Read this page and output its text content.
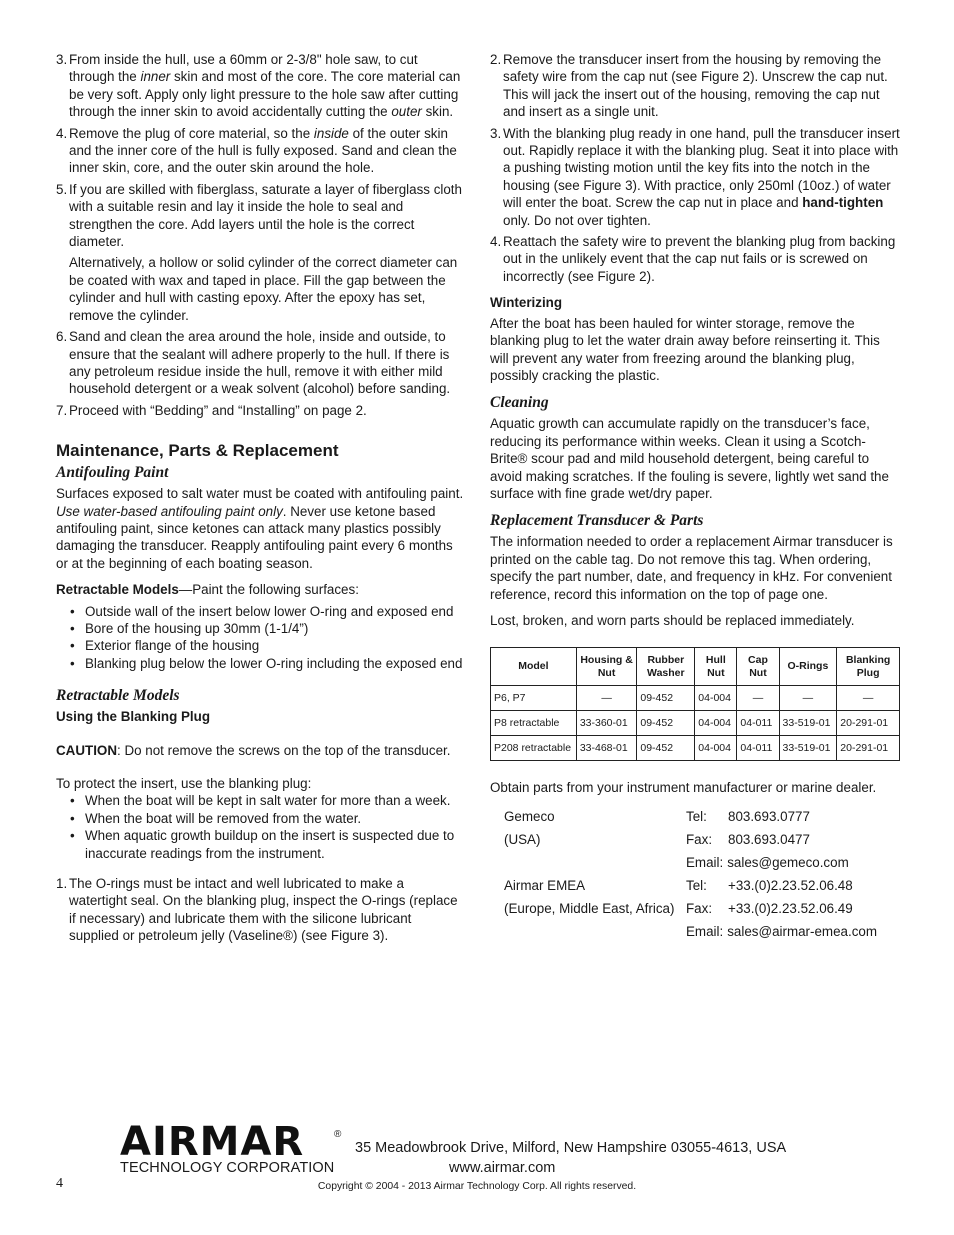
3. From inside the hull, use a 60mm or 2-3/8" hole saw, to cut through the inner skin and most of the core. The core material can be very soft. Apply only light pressure to the hole saw after cutting through the inner skin to avoid accidentally cutting the outer skin.

4. Remove the plug of core material, so the inside of the outer skin and the inner core of the hull is fully exposed. Sand and clean the inner skin, core, and the outer skin around the hole.

5. If you are skilled with fiberglass, saturate a layer of fiberglass cloth with a suitable resin and lay it inside the hole to seal and strengthen the core. Add layers until the hole is the correct diameter.

Alternatively, a hollow or solid cylinder of the correct diameter can be coated with wax and taped in place. Fill the gap between the cylinder and hull with casting epoxy. After the epoxy has set, remove the cylinder.

6. Sand and clean the area around the hole, inside and outside, to ensure that the sealant will adhere properly to the hull. If there is any petroleum residue inside the hull, remove it with either mild household detergent or a weak solvent (alcohol) before sanding.

7. Proceed with “Bedding” and “Installing” on page 2.

Maintenance, Parts & Replacement
Antifouling Paint

Surfaces exposed to salt water must be coated with antifouling paint. Use water-based antifouling paint only. Never use ketone based antifouling paint, since ketones can attack many plastics possibly damaging the transducer. Reapply antifouling paint every 6 months or at the beginning of each boating season.

Retractable Models—Paint the following surfaces:

• Outside wall of the insert below lower O-ring and exposed end
• Bore of the housing up 30mm (1-1/4”)
• Exterior flange of the housing
• Blanking plug below the lower O-ring including the exposed end
Retractable Models
Using the Blanking Plug

CAUTION: Do not remove the screws on the top of the transducer.

To protect the insert, use the blanking plug:

• When the boat will be kept in salt water for more than a week.
• When the boat will be removed from the water.
• When aquatic growth buildup on the insert is suspected due to inaccurate readings from the instrument.
1. The O-rings must be intact and well lubricated to make a watertight seal. On the blanking plug, inspect the O-rings (replace if necessary) and lubricate them with the silicone lubricant supplied or petroleum jelly (Vaseline®) (see Figure 3).

2. Remove the transducer insert from the housing by removing the safety wire from the cap nut (see Figure 2). Unscrew the cap nut. This will jack the insert out of the housing, removing the cap nut and insert as a single unit.

3. With the blanking plug ready in one hand, pull the transducer insert out. Rapidly replace it with the blanking plug. Seat it into place with a pushing twisting motion until the key fits into the notch in the housing (see Figure 3). With practice, only 250ml (10oz.) of water will enter the boat. Screw the cap nut in place and hand-tighten only. Do not over tighten.

4. Reattach the safety wire to prevent the blanking plug from backing out in the unlikely event that the cap nut fails or is screwed on incorrectly (see Figure 2).

Winterizing

After the boat has been hauled for winter storage, remove the blanking plug to let the water drain away before reinserting it. This will prevent any water from freezing around the blanking plug, possibly cracking the plastic.

Cleaning

Aquatic growth can accumulate rapidly on the transducer’s face, reducing its performance within weeks. Clean it using a Scotch-Brite® scour pad and mild household detergent, being careful to avoid making scratches. If the fouling is severe, lightly wet sand the surface with fine grade wet/dry paper.

Replacement Transducer & Parts

The information needed to order a replacement Airmar transducer is printed on the cable tag. Do not remove this tag. When ordering, specify the part number, date, and frequency in kHz. For convenient reference, record this information on the top of page one.

Lost, broken, and worn parts should be replaced immediately.

Model	Housing & Nut	Rubber Washer	Hull Nut	Cap Nut	O-Rings	Blanking Plug
P6, P7	—	09-452	04-004	—	—	—
P8 retractable	33-360-01	09-452	04-004	04-011	33-519-01	20-291-01
P208 retractable	33-468-01	09-452	04-004	04-011	33-519-01	20-291-01

Obtain parts from your instrument manufacturer or marine dealer.

Gemeco	Tel:	803.693.0777
(USA)	Fax:	803.693.0477
Email: sales@gemeco.com
Airmar EMEA	Tel:	+33.(0)2.23.52.06.48
(Europe, Middle East, Africa) Fax:	+33.(0)2.23.52.06.49
Email: sales@airmar-emea.com
AIRMAR	®
TECHNOLOGY CORPORATION
35 Meadowbrook Drive, Milford, New Hampshire 03055-4613, USA
www.airmar.com
Copyright © 2004 - 2013 Airmar Technology Corp. All rights reserved.
4
